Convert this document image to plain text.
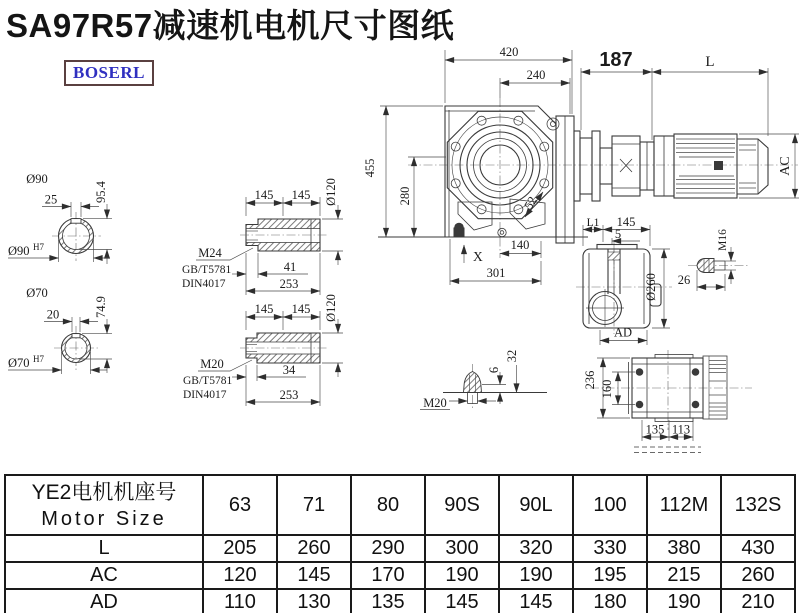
SA97R57减速机电机尺寸图纸
BOSERL
Ø90
25	95.4
Ø90 H7
Ø70
20	74.9
Ø70 H7
145 145 Ø120
M24
GB/T5781
DIN4017
41
253
145 145 Ø120
M20
GB/T5781
DIN4017
34
253
52
420
240
187	L
455
280
X
140
301
AC
L1 145
5
Ø260
AD
M16
26
M20
6
32
236 160
135 113
YE2电机机座号
Motor Size	63	71	80	90S	90L	100	112M	132S
L	205	260	290	300	320	330	380	430
AC	120	145	170	190	190	195	215	260
AD	110	130	135	145	145	180	190	210
